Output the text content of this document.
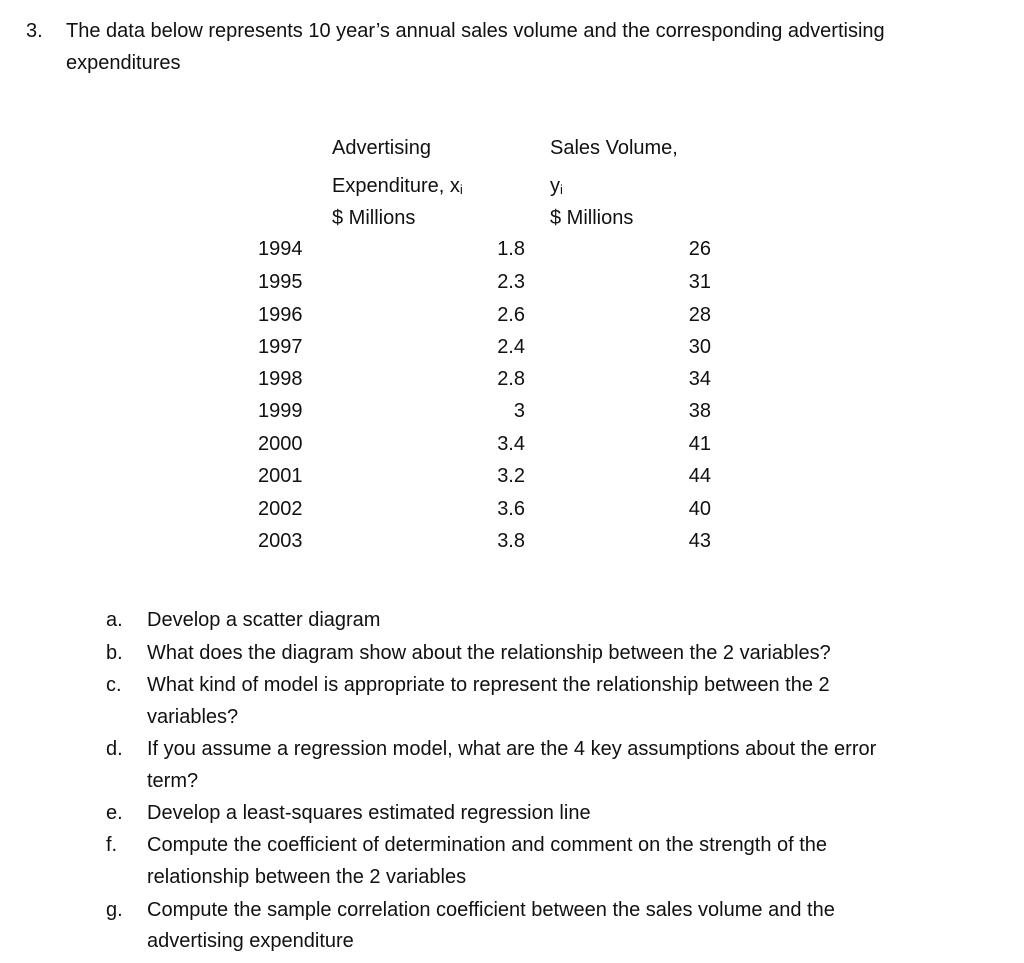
3. The data below represents 10 year’s annual sales volume and the corresponding advertising
expenditures
Advertising
Expenditure, xi
$ Millions
Sales Volume,
yi
$ Millions
1994	1.8	26
1995	2.3	31
1996	2.6	28
1997	2.4	30
1998	2.8	34
1999	3	38
2000	3.4	41
2001	3.2	44
2002	3.6	40
2003	3.8	43
a. Develop a scatter diagram
b. What does the diagram show about the relationship between the 2 variables?
c. What kind of model is appropriate to represent the relationship between the 2
variables?
d. If you assume a regression model, what are the 4 key assumptions about the error
term?
e. Develop a least-squares estimated regression line
f. Compute the coefficient of determination and comment on the strength of the
relationship between the 2 variables
g. Compute the sample correlation coefficient between the sales volume and the
advertising expenditure
